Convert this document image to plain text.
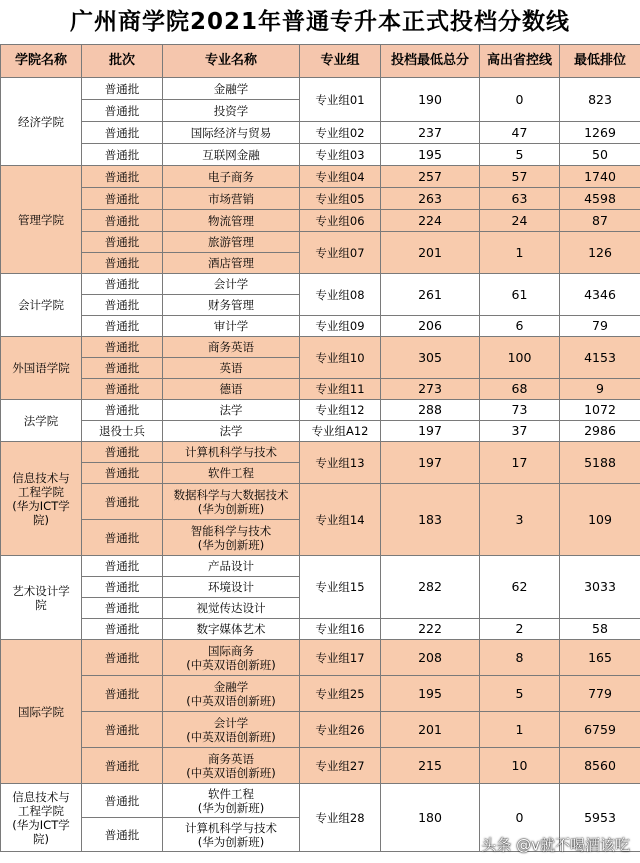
广州商学院2021年普通专升本正式投档分数线
学院名称	批次	专业名称	专业组	投档最低总分	高出省控线	最低排位
经济学院	普通批	金融学	专业组01	190	0	823
	普通批	投资学				
	普通批	国际经济与贸易	专业组02	237	47	1269
	普通批	互联网金融	专业组03	195	5	50
管理学院	普通批	电子商务	专业组04	257	57	1740
	普通批	市场营销	专业组05	263	63	4598
	普通批	物流管理	专业组06	224	24	87
	普通批	旅游管理	专业组07	201	1	126
	普通批	酒店管理				
会计学院	普通批	会计学	专业组08	261	61	4346
	普通批	财务管理				
	普通批	审计学	专业组09	206	6	79
外国语学院	普通批	商务英语	专业组10	305	100	4153
	普通批	英语				
	普通批	德语	专业组11	273	68	9
法学院	普通批	法学	专业组12	288	73	1072
	退役士兵	法学	专业组A12	197	37	2986
信息技术与
工程学院
(华为ICT学
院)	普通批	计算机科学与技术	专业组13	197	17	5188
	普通批	软件工程				
	普通批	数据科学与大数据技术
(华为创新班)	专业组14	183	3	109
	普通批	智能科学与技术
(华为创新班)				
艺术设计学
院	普通批	产品设计	专业组15	282	62	3033
	普通批	环境设计				
	普通批	视觉传达设计				
	普通批	数字媒体艺术	专业组16	222	2	58
国际学院	普通批	国际商务
(中英双语创新班)	专业组17	208	8	165
	普通批	金融学
(中英双语创新班)	专业组25	195	5	779
	普通批	会计学
(中英双语创新班)	专业组26	201	1	6759
	普通批	商务英语
(中英双语创新班)	专业组27	215	10	8560
信息技术与
工程学院
(华为ICT学
院)	普通批	软件工程
(华为创新班)	专业组28	180	0	5953
	普通批	计算机科学与技术
(华为创新班)					头条 @v就不喝酒该吃
